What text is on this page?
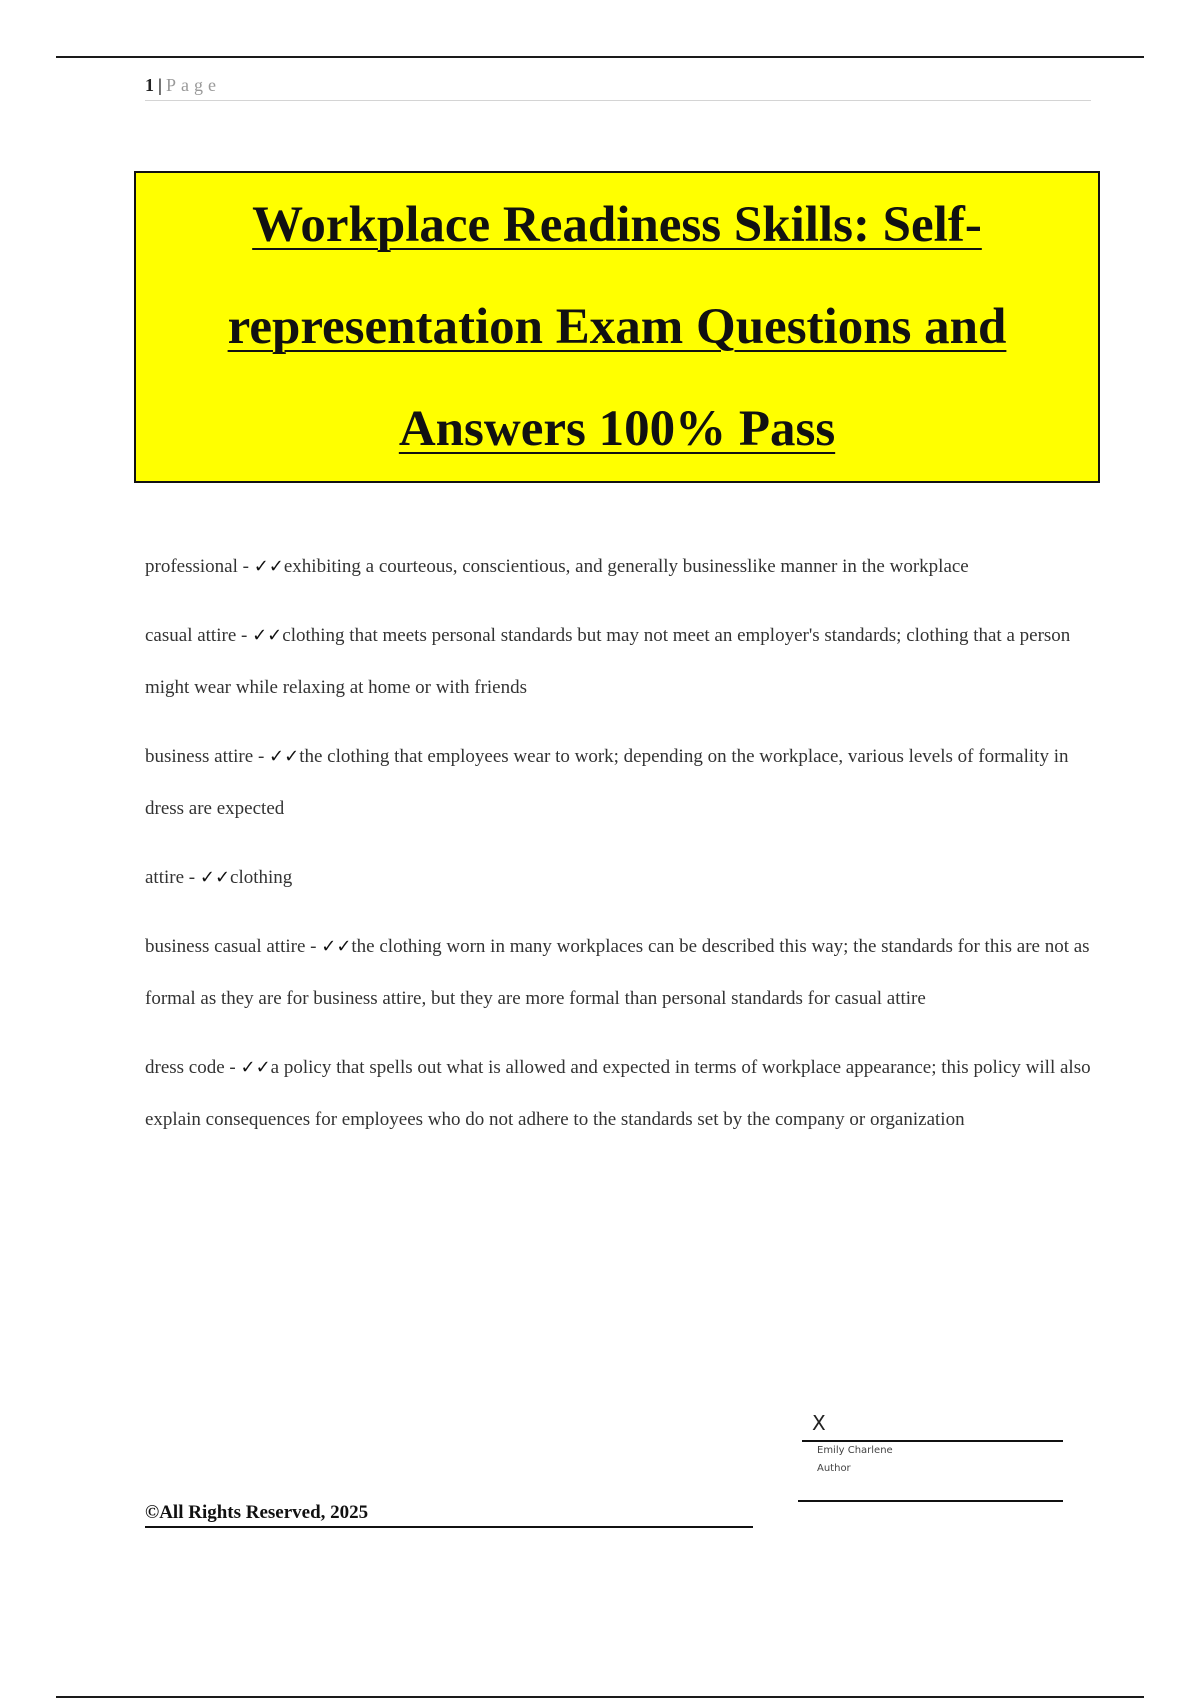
1 | Page
Workplace Readiness Skills: Self-representation Exam Questions and Answers 100% Pass

professional - ✓✓exhibiting a courteous, conscientious, and generally businesslike manner in the workplace

casual attire - ✓✓clothing that meets personal standards but may not meet an employer's standards; clothing that a person might wear while relaxing at home or with friends

business attire - ✓✓the clothing that employees wear to work; depending on the workplace, various levels of formality in dress are expected

attire - ✓✓clothing

business casual attire - ✓✓the clothing worn in many workplaces can be described this way; the standards for this are not as formal as they are for business attire, but they are more formal than personal standards for casual attire

dress code - ✓✓a policy that spells out what is allowed and expected in terms of workplace appearance; this policy will also explain consequences for employees who do not adhere to the standards set by the company or organization

X
Emily Charlene
Author
©All Rights Reserved, 2025
